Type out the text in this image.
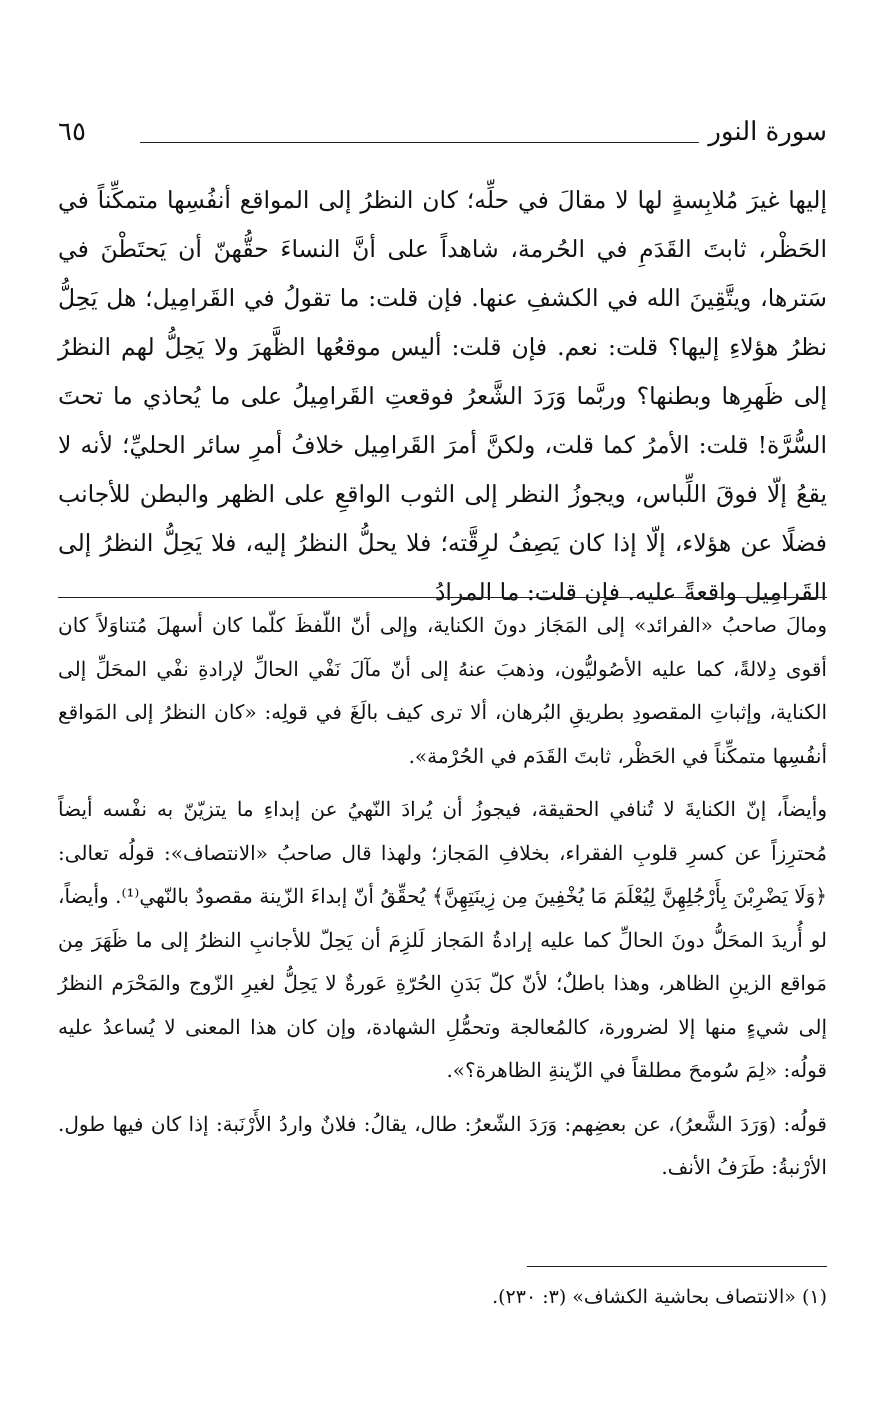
سورة النور
٦٥

إليها غيرَ مُلابِسةٍ لها لا مقالَ في حلِّه؛ كان النظرُ إلى المواقع أنفُسِها متمكِّناً في الحَظْر، ثابتَ القَدَمِ في الحُرمة، شاهداً على أنَّ النساءَ حقُّهنّ أن يَحتَطْنَ في سَترها، ويتَّقِينَ الله في الكشفِ عنها. فإن قلت: ما تقولُ في القَرامِيل؛ هل يَحِلُّ نظرُ هؤلاءِ إليها؟ قلت: نعم. فإن قلت: أليس موقعُها الظَّهرَ ولا يَحِلُّ لهم النظرُ إلى ظَهرِها وبطنها؟ وربَّما وَرَدَ الشَّعرُ فوقعتِ القَرامِيلُ على ما يُحاذي ما تحتَ السُّرَّة! قلت: الأمرُ كما قلت، ولكنَّ أمرَ القَرامِيل خلافُ أمرِ سائر الحليِّ؛ لأنه لا يقعُ إلّا فوقَ اللِّباس، ويجوزُ النظر إلى الثوب الواقعِ على الظهر والبطن للأجانب فضلًا عن هؤلاء، إلّا إذا كان يَصِفُ لرِقَّته؛ فلا يحلُّ النظرُ إليه، فلا يَحِلُّ النظرُ إلى القَرامِيل واقعةً عليه. فإن قلت: ما المرادُ

ومالَ صاحبُ «الفرائد» إلى المَجَاز دونَ الكناية، وإلى أنّ اللّفظَ كلّما كان أسهلَ مُتناوَلاً كان أقوى دِلالةً، كما عليه الأصُوليُّون، وذهبَ عنهُ إلى أنّ مآلَ نَفْي الحالِّ لإرادةِ نفْي المحَلِّ إلى الكناية، وإثباتِ المقصودِ بطريقِ البُرهان، ألا ترى كيف بالَغَ في قولِه: «كان النظرُ إلى المَواقع أنفُسِها متمكِّناً في الحَظْر، ثابتَ القَدَم في الحُرْمة».

وأيضاً، إنّ الكنايةَ لا تُنافي الحقيقة، فيجوزُ أن يُرادَ النّهيُ عن إبداءِ ما يتزيّنّ به نفْسه أيضاً مُحترِزاً عن كسرِ قلوبِ الفقراء، بخلافِ المَجاز؛ ولهذا قال صاحبُ «الانتصاف»: قولُه تعالى: ﴿وَلَا يَضْرِبْنَ بِأَرْجُلِهِنَّ لِيُعْلَمَ مَا يُخْفِينَ مِن زِينَتِهِنَّ﴾ يُحقِّقُ أنّ إبداءَ الزّينة مقصودٌ بالنّهي⁽¹⁾. وأيضاً، لو أُريدَ المحَلُّ دونَ الحالِّ كما عليه إرادةُ المَجاز لَلزِمَ أن يَحِلّ للأجانبِ النظرُ إلى ما ظَهَرَ مِن مَواقع الزينِ الظاهر، وهذا باطلٌ؛ لأنّ كلّ بَدَنِ الحُرّةِ عَورةٌ لا يَحِلُّ لغيرِ الزّوج والمَحْرَم النظرُ إلى شيءٍ منها إلا لضرورة، كالمُعالجة وتحمُّلِ الشهادة، وإن كان هذا المعنى لا يُساعدُ عليه قولُه: «لِمَ سُومحَ مطلقاً في الزّينةِ الظاهرة؟».

قولُه: (وَرَدَ الشَّعرُ)، عن بعضِهم: وَرَدَ الشّعرُ: طال، يقالُ: فلانٌ واردُ الأَرْنَبة: إذا كان فيها طول. الأرْنبةُ: طَرَفُ الأنف.

(١) «الانتصاف بحاشية الكشاف» (٣: ٢٣٠).
